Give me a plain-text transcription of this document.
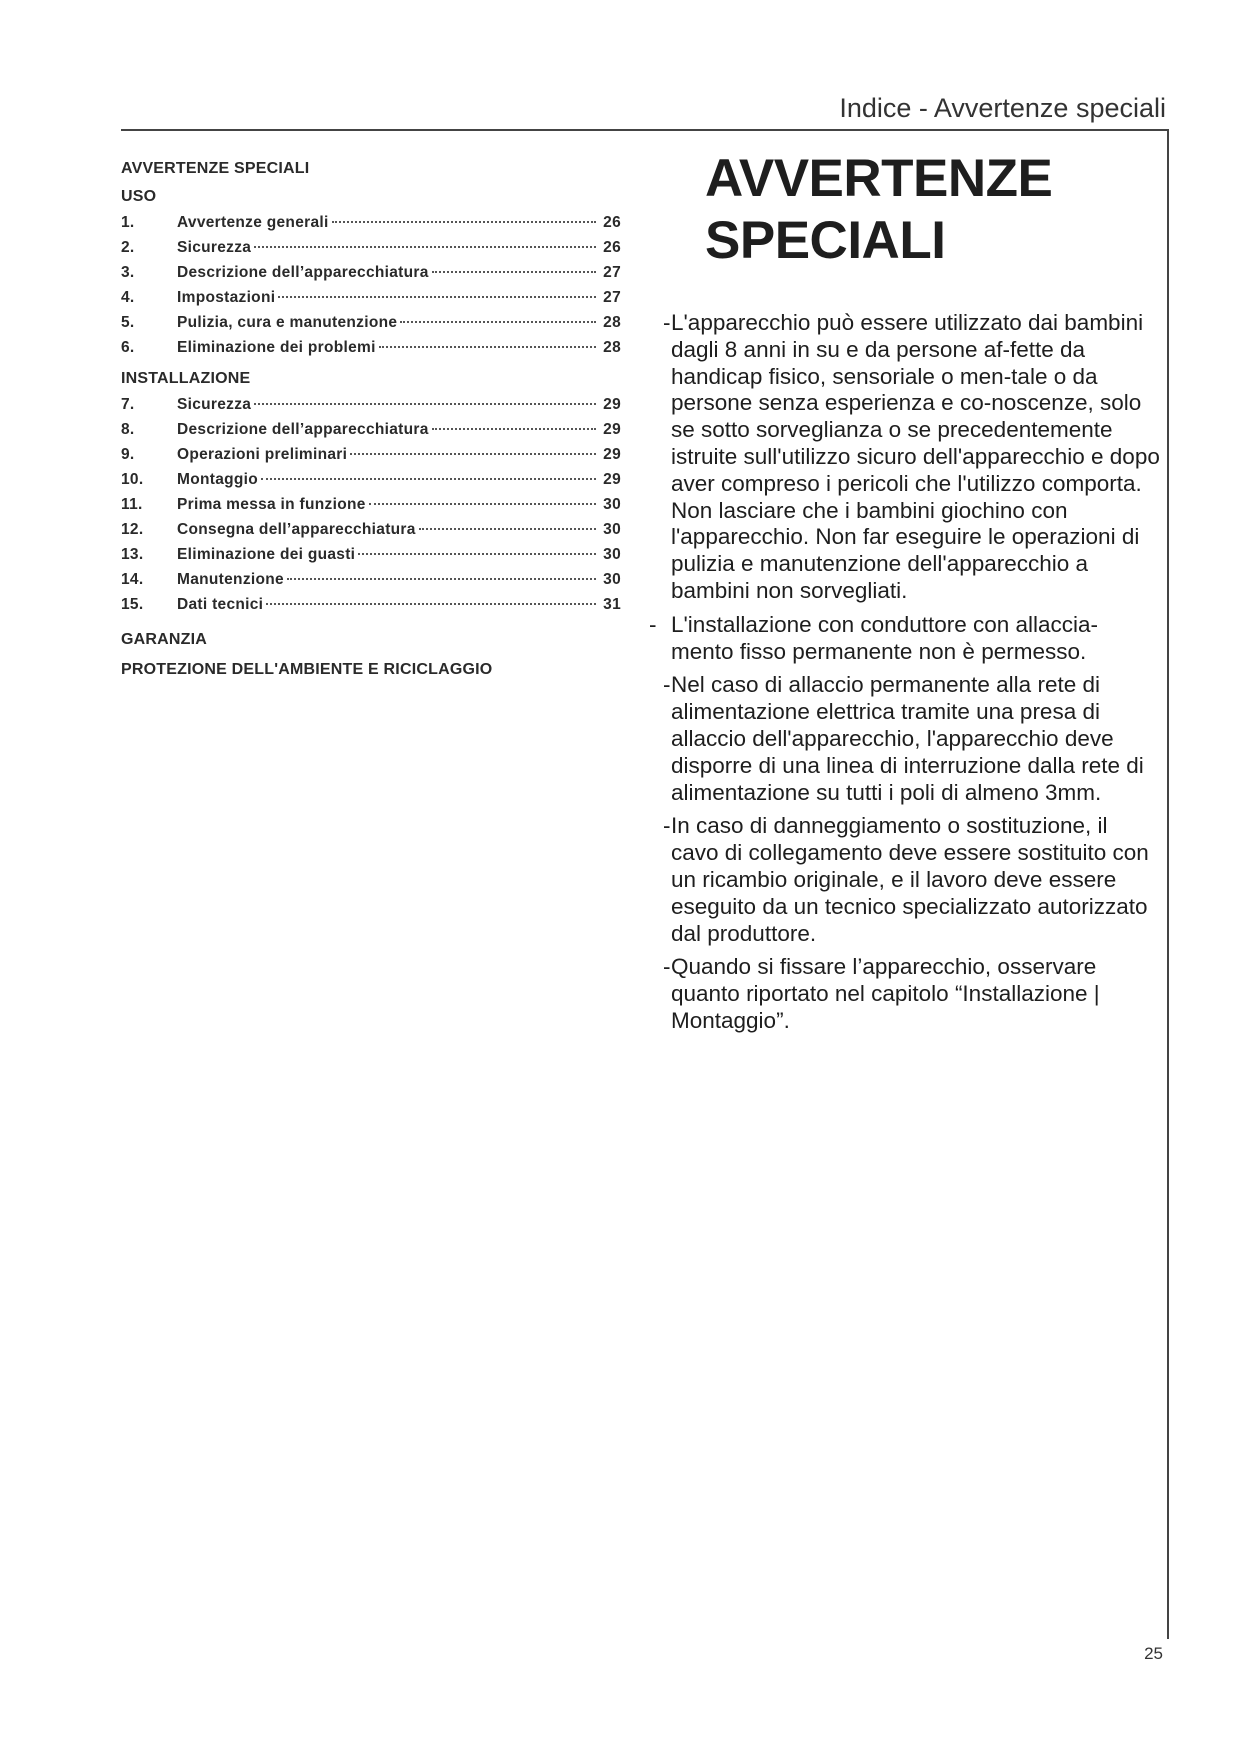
Indice - Avvertenze speciali
AVVERTENZE SPECIALI
USO
1.	Avvertenze generali	26
2.	Sicurezza	26
3.	Descrizione dell’apparecchiatura	27
4.	Impostazioni	27
5.	Pulizia, cura e manutenzione	28
6.	Eliminazione dei problemi	28
INSTALLAZIONE
7.	Sicurezza	29
8.	Descrizione dell’apparecchiatura	29
9.	Operazioni preliminari	29
10.	Montaggio	29
11.	Prima messa in funzione	30
12.	Consegna dell’apparecchiatura	30
13.	Eliminazione dei guasti	30
14.	Manutenzione	30
15.	Dati tecnici	31
GARANZIA
PROTEZIONE DELL'AMBIENTE E RICICLAGGIO
AVVERTENZE
SPECIALI
- L'apparecchio può essere utilizzato dai bambini dagli 8 anni in su e da persone af-fette da handicap fisico, sensoriale o men-tale o da persone senza esperienza e co-noscenze, solo se sotto sorveglianza o se precedentemente istruite sull'utilizzo sicuro dell'apparecchio e dopo aver compreso i pericoli che l'utilizzo comporta. Non lasciare che i bambini giochino con l'apparecchio. Non far eseguire le operazioni di pulizia e manutenzione dell'apparecchio a bambini non sorvegliati.
- L'installazione con conduttore con allaccia-mento fisso permanente non è permesso.
- Nel caso di allaccio permanente alla rete di alimentazione elettrica tramite una presa di allaccio dell'apparecchio, l'apparecchio deve disporre di una linea di interruzione dalla rete di alimentazione su tutti i poli di almeno 3mm.
- In caso di danneggiamento o sostituzione, il cavo di collegamento deve essere sostituito con un ricambio originale, e il lavoro deve essere eseguito da un tecnico specializzato autorizzato dal produttore.
- Quando si fissare l’apparecchio, osservare quanto riportato nel capitolo “Installazione | Montaggio”.
25
